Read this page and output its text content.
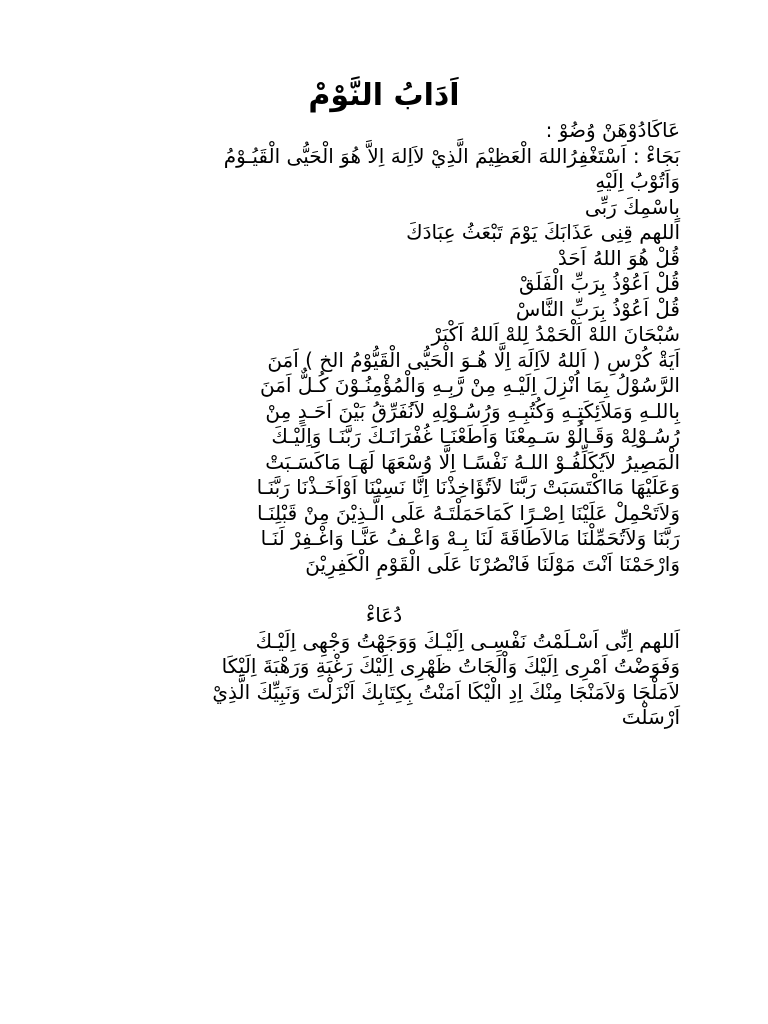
اَدَابُ النَّوْمْ
عَاكَادُوْهَنْ وُضُوْ :
بَجَاءْ : اَسْتَغْفِرُاللهَ الْعَظِيْمَ الَّذِيْ لاَاِلهَ اِلاَّ هُوَ الْحَيُّى الْقَيُـوْمُ
وَاَتُوْبُ اِلَيْهِ
بِاسْمِكَ رَبِّى
اَللهم قِنِى عَذَابَكَ يَوْمَ تَبْعَثُ عِبَادَكَ
قُلْ هُوَ اللهُ اَحَدْ
قُلْ اَعُوْذُ بِرَبِّ الْفَلَقْ
قُلْ اَعُوْذُ بِرَبِّ النَّاسْ
سُبْحَانَ اللهْ اَلْحَمْدُ لِلهْ اَللهُ اَكْبَرْ
اَيَةْ كُرْسِ ( اَللهُ لاَاِلَهَ اِلَّا هُـوَ الْحَيُّى الْقَيُّوْمُ الخ ) اَمَنَ
الرَّسُوْلُ بِمَا اُنْزِلَ اِلَيْـهِ مِنْ رَّبِـهِ وَالْمُؤْمِنُـوْنَ كُـلٌّ اَمَنَ
بِاللـهِ وَمَلاَئِكَتِـهِ وَكُتُبِـهِ وَرُسُـوْلِهِ لاَنُفَرِّقُ بَيْنَ اَحَـدٍ مِنْ
رُسُـوْلِهْ وَقَـالُوْ سَـمِعْنَا وَاَطَعْنَـا غُفْرَانَـكَ رَبَّنَـا وَاِلَيْـكَ
الْمَصِيرُ لاَيُكَلِّفُـوْ اللـهُ نَفْسًـا اِلَّا وُسْعَهَا لَهَـا مَاكَسَـبَتْ
وَعَلَيْهَا مَااكْتَسَبَتْ رَبَّنَا لاَتُؤَاخِذْنَا اِنَّا نَسِيْنَا اَوْاَخَـذْنَا رَبَّنَـا
وَلاَتَحْمِلْ عَلَيْنَا اِصْـرًا كَمَاحَمَلْتَـهُ عَلَى الَّـذِيْنَ مِنْ قَبْلِنَـا
رَبَّنَا وَلاَتُحَمِّلْنَا مَالاَطَاقَةَ لَنَا بِـهْ وَاعْـفُ عَنَّـا وَاغْـفِرْ لَنَـا
وَارْحَمْنَا اَنْتَ مَوْلَنَا فَانْصُرْنَا عَلَى الْقَوْمِ الْكَفِرِيْنَ
دُعَاءْ
اَللهم اِنِّى اَسْـلَمْتُ نَفْسِـى اِلَيْـكَ وَوَجَهْتُ وَجْهِى اِلَيْـكَ
وَفَوَضْتُ اَمْرِى اِلَيْكَ وَاْلَجَاتُ ظَهْرِى اِلَيْكَ رَغْبَةِ وَرَهْبَةَ اِلَيْكَا
لاَمَلْجَا وَلاَمَنْجَا مِنْكَ اِدِ الْيْكَا اَمَنْتُ بِكِتَابِكَ اَنْزَلْتَ وَنَبِيِّكَ الَّذِيْ
اَرْسَلْتَ
